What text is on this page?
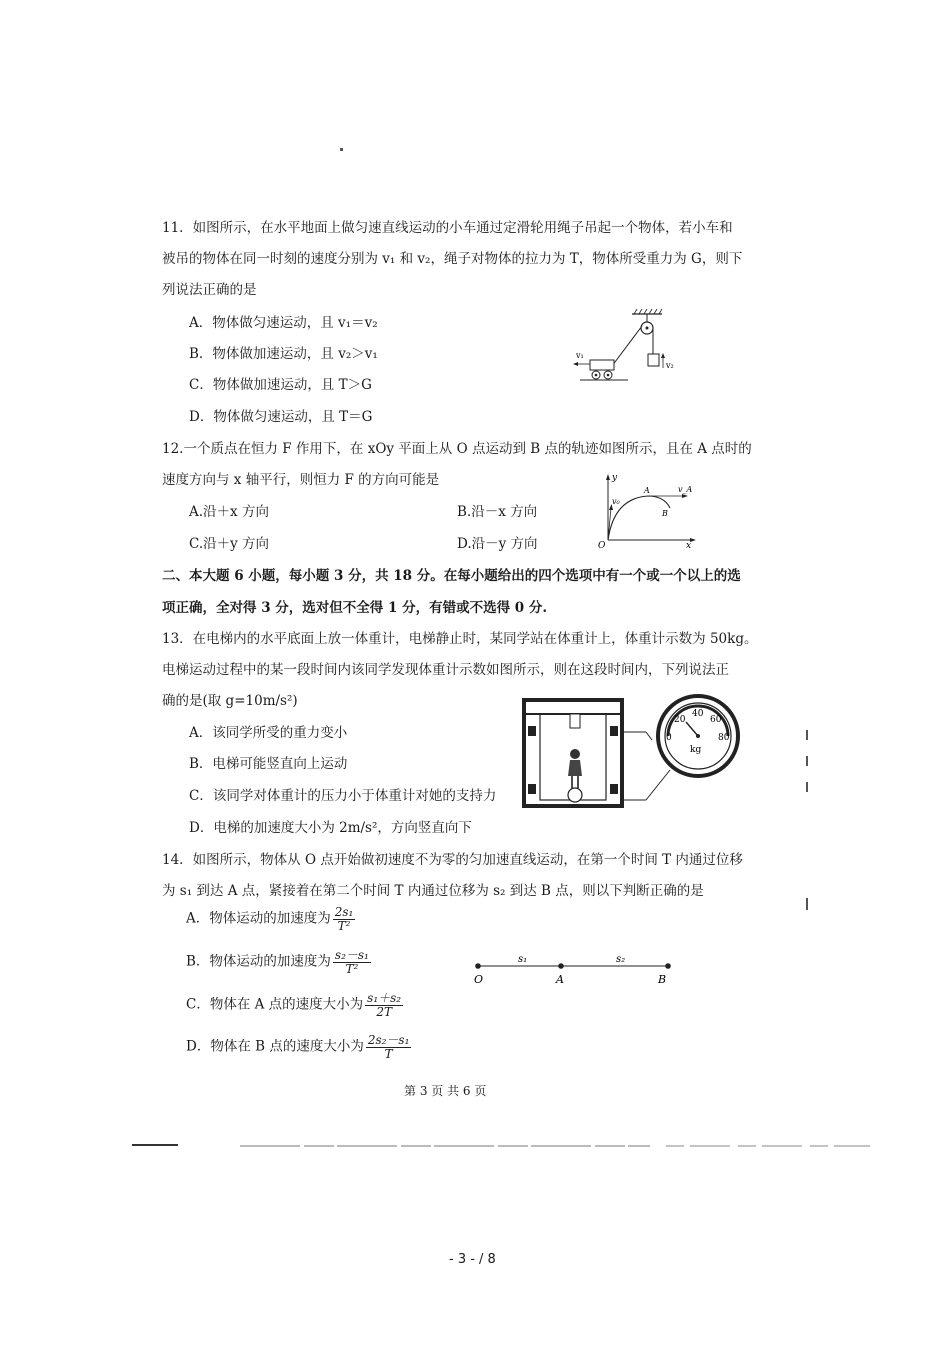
11．如图所示，在水平地面上做匀速直线运动的小车通过定滑轮用绳子吊起一个物体，若小车和
被吊的物体在同一时刻的速度分别为 v₁ 和 v₂，绳子对物体的拉力为 T，物体所受重力为 G，则下
列说法正确的是
A．物体做匀速运动，且 v₁＝v₂
B．物体做加速运动，且 v₂＞v₁
C．物体做加速运动，且 T＞G
D．物体做匀速运动，且 T＝G
v₂
v₁
12.一个质点在恒力 F 作用下，在 xOy 平面上从 O 点运动到 B 点的轨迹如图所示，且在 A 点时的
速度方向与 x 轴平行，则恒力 F 的方向可能是
A.沿＋x 方向	B.沿－x 方向
C.沿＋y 方向	D.沿－y 方向
y
x
O
v₀
A	v_A
B
二、本大题 6 小题，每小题 3 分，共 18 分。在每小题给出的四个选项中有一个或一个以上的选
项正确，全对得 3 分，选对但不全得 1 分，有错或不选得 0 分.
13．在电梯内的水平底面上放一体重计，电梯静止时，某同学站在体重计上，体重计示数为 50kg。
电梯运动过程中的某一段时间内该同学发现体重计示数如图所示，则在这段时间内，下列说法正
确的是(取 g=10m/s²)
A．该同学所受的重力变小
B．电梯可能竖直向上运动
C．该同学对体重计的压力小于体重计对她的支持力
D．电梯的加速度大小为 2m/s²，方向竖直向下
0
20
40
60
80
kg
14．如图所示，物体从 O 点开始做初速度不为零的匀加速直线运动，在第一个时间 T 内通过位移
为 s₁ 到达 A 点，紧接着在第二个时间 T 内通过位移为 s₂ 到达 B 点，则以下判断正确的是
A．物体运动的加速度为 $\frac{\text{2s₁}}{\text{T²}}$
B．物体运动的加速度为 $\frac{\text{s₂－s₁}}{\text{T²}}$
C．物体在 A 点的速度大小为 $\frac{\text{s₁＋s₂}}{2T}$
D．物体在 B 点的速度大小为 $\frac{\text{2s₂－s₁}}{T}$
s₁	s₂
O	A	B
第 3 页 共 6 页
- 3 - / 8
